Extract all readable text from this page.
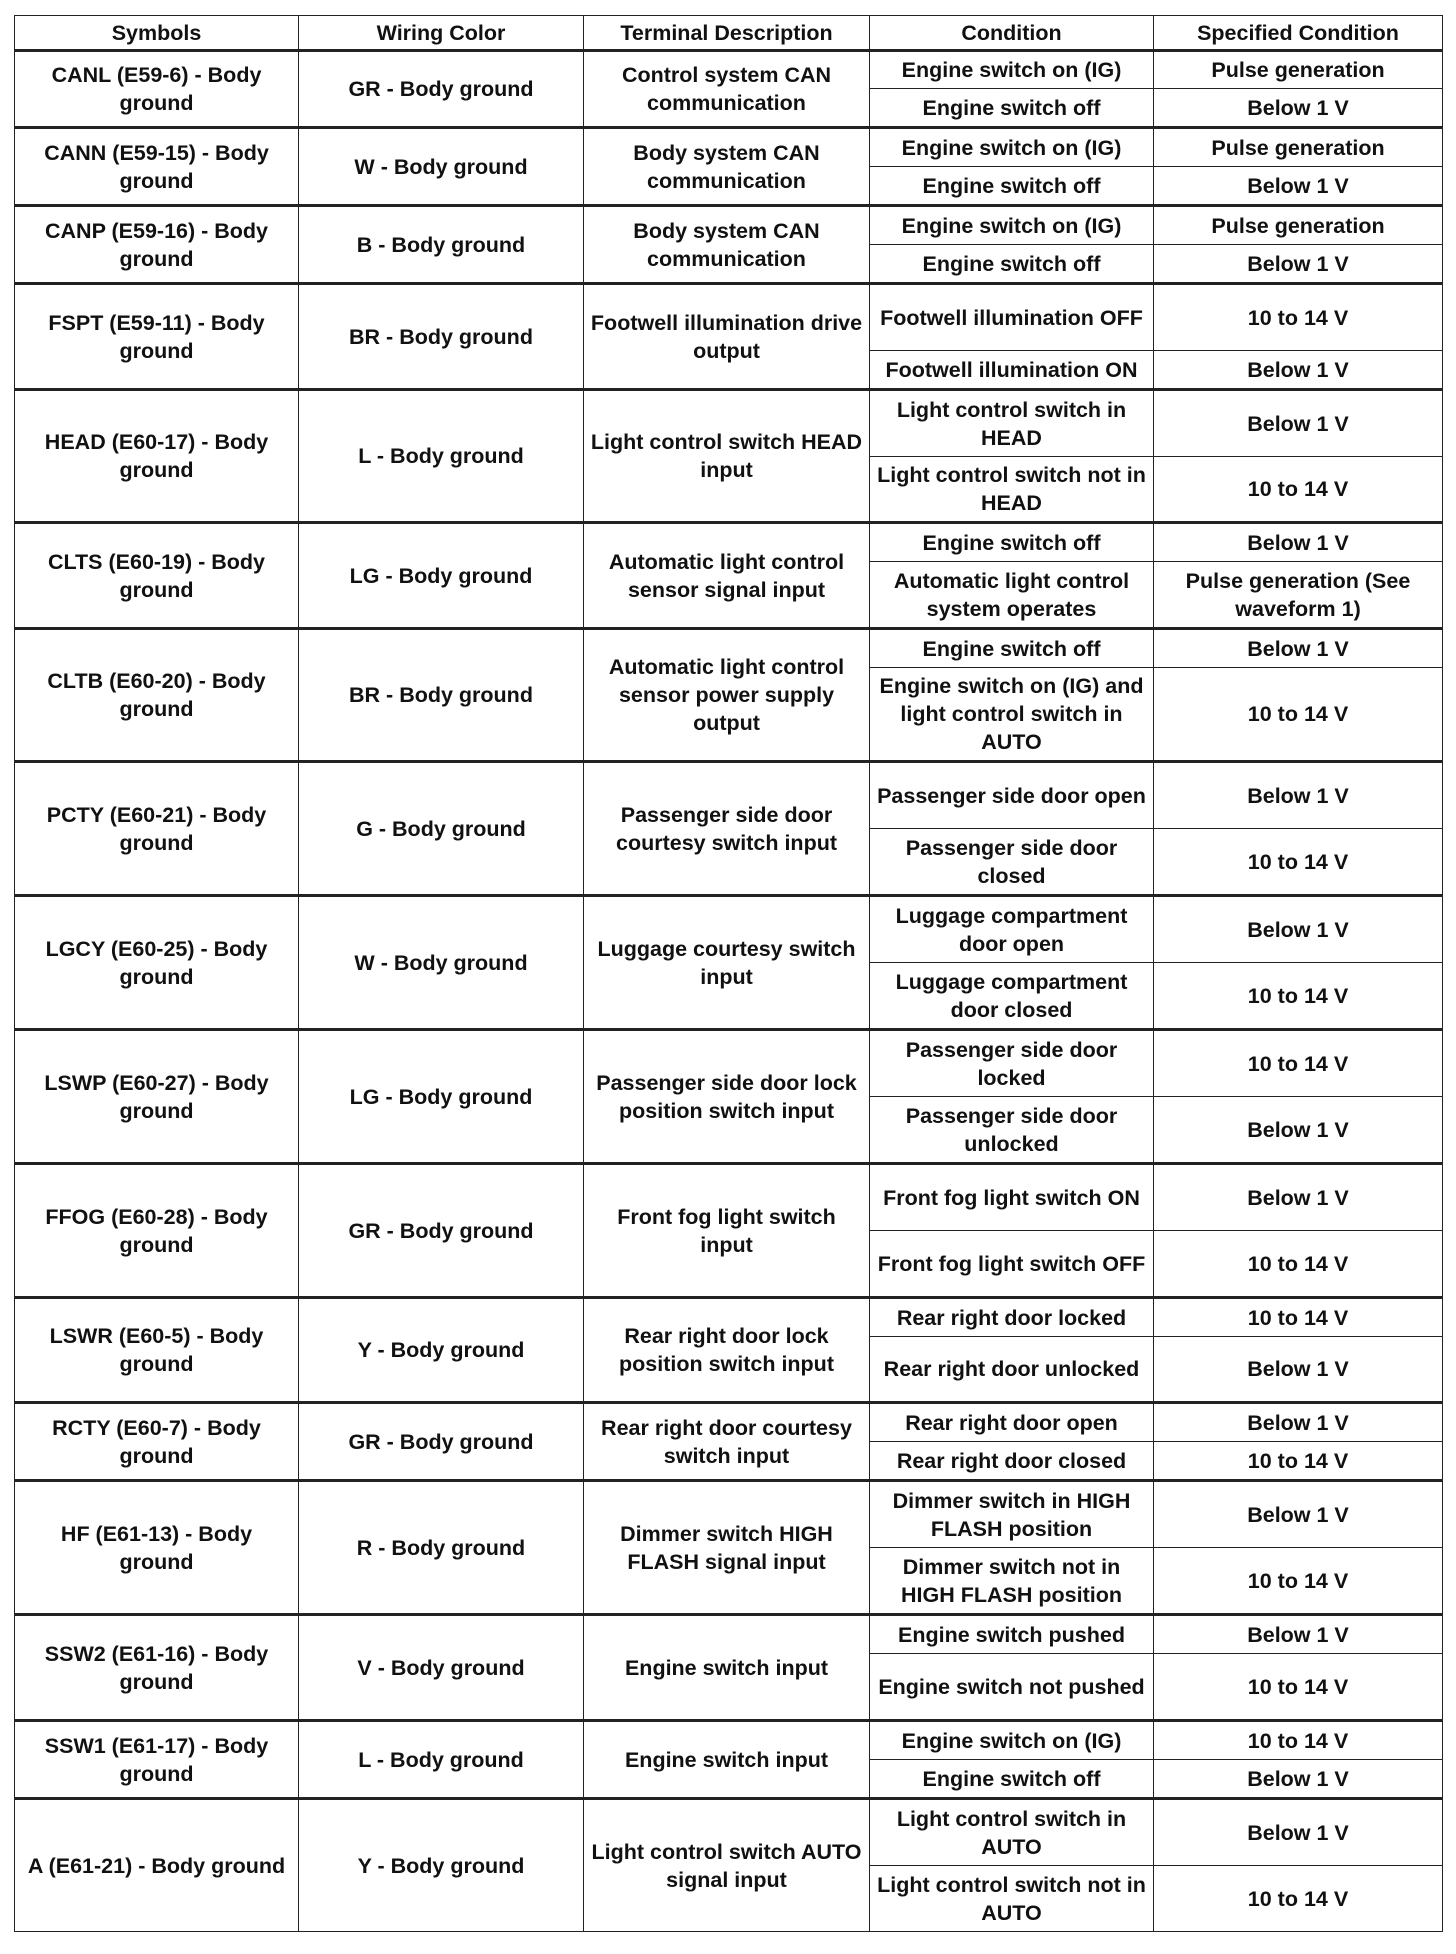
Symbols	Wiring Color	Terminal Description	Condition	Specified Condition
CANL (E59-6) - Body ground	GR - Body ground	Control system CAN communication	Engine switch on (IG)	Pulse generation
			Engine switch off	Below 1 V
CANN (E59-15) - Body ground	W - Body ground	Body system CAN communication	Engine switch on (IG)	Pulse generation
			Engine switch off	Below 1 V
CANP (E59-16) - Body ground	B - Body ground	Body system CAN communication	Engine switch on (IG)	Pulse generation
			Engine switch off	Below 1 V
FSPT (E59-11) - Body ground	BR - Body ground	Footwell illumination drive output	Footwell illumination OFF	10 to 14 V
			Footwell illumination ON	Below 1 V
HEAD (E60-17) - Body ground	L - Body ground	Light control switch HEAD input	Light control switch in HEAD	Below 1 V
			Light control switch not in HEAD	10 to 14 V
CLTS (E60-19) - Body ground	LG - Body ground	Automatic light control sensor signal input	Engine switch off	Below 1 V
			Automatic light control system operates	Pulse generation (See waveform 1)
CLTB (E60-20) - Body ground	BR - Body ground	Automatic light control sensor power supply output	Engine switch off	Below 1 V
			Engine switch on (IG) and light control switch in AUTO	10 to 14 V
PCTY (E60-21) - Body ground	G - Body ground	Passenger side door courtesy switch input	Passenger side door open	Below 1 V
			Passenger side door closed	10 to 14 V
LGCY (E60-25) - Body ground	W - Body ground	Luggage courtesy switch input	Luggage compartment door open	Below 1 V
			Luggage compartment door closed	10 to 14 V
LSWP (E60-27) - Body ground	LG - Body ground	Passenger side door lock position switch input	Passenger side door locked	10 to 14 V
			Passenger side door unlocked	Below 1 V
FFOG (E60-28) - Body ground	GR - Body ground	Front fog light switch input	Front fog light switch ON	Below 1 V
			Front fog light switch OFF	10 to 14 V
LSWR (E60-5) - Body ground	Y - Body ground	Rear right door lock position switch input	Rear right door locked	10 to 14 V
			Rear right door unlocked	Below 1 V
RCTY (E60-7) - Body ground	GR - Body ground	Rear right door courtesy switch input	Rear right door open	Below 1 V
			Rear right door closed	10 to 14 V
HF (E61-13) - Body ground	R - Body ground	Dimmer switch HIGH FLASH signal input	Dimmer switch in HIGH FLASH position	Below 1 V
			Dimmer switch not in HIGH FLASH position	10 to 14 V
SSW2 (E61-16) - Body ground	V - Body ground	Engine switch input	Engine switch pushed	Below 1 V
			Engine switch not pushed	10 to 14 V
SSW1 (E61-17) - Body ground	L - Body ground	Engine switch input	Engine switch on (IG)	10 to 14 V
			Engine switch off	Below 1 V
A (E61-21) - Body ground	Y - Body ground	Light control switch AUTO signal input	Light control switch in AUTO	Below 1 V
			Light control switch not in AUTO	10 to 14 V
